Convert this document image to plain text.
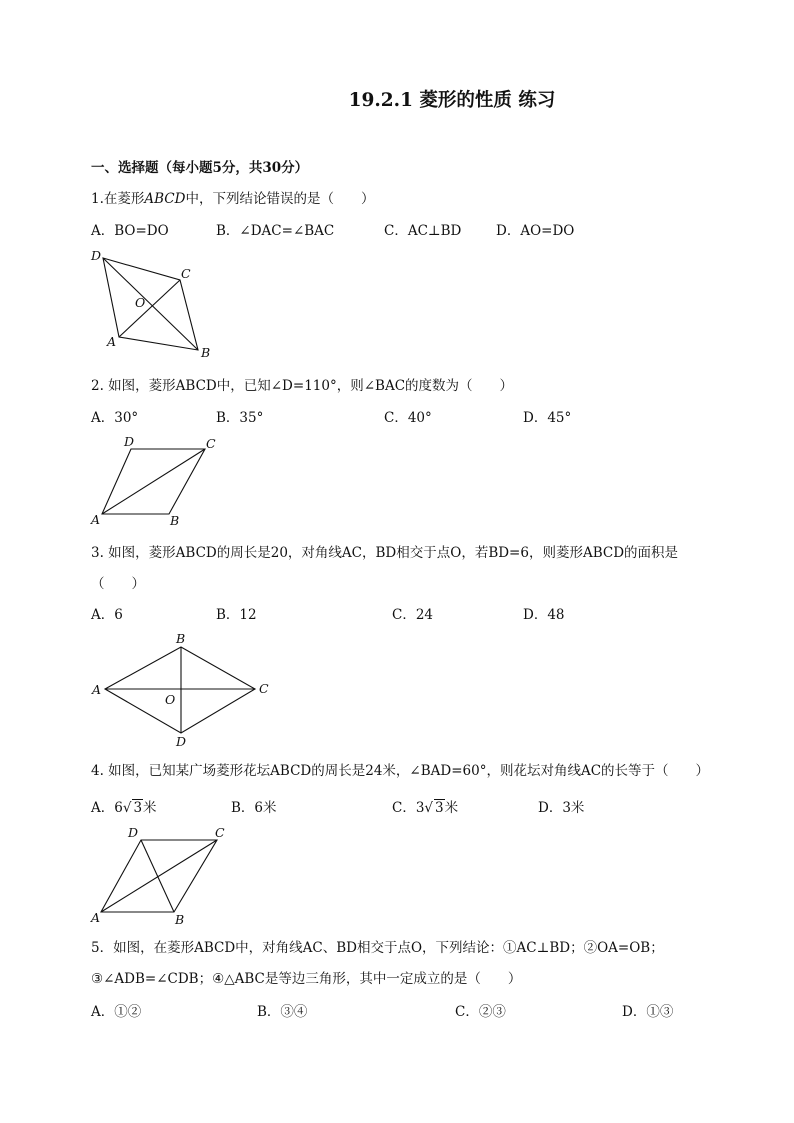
19.2.1 菱形的性质 练习
一、选择题（每小题5分，共30分）
1.在菱形ABCD中，下列结论错误的是（　　）
A．BO=DO	B．∠DAC=∠BAC	C．AC⊥BD	D．AO=DO
D
C
O
A
B
2. 如图，菱形ABCD中，已知∠D=110°，则∠BAC的度数为（　　）
A．30°	B．35°	C．40°	D．45°
D	C
A	B
3. 如图，菱形ABCD的周长是20，对角线AC，BD相交于点O，若BD=6，则菱形ABCD的面积是
（　　）
A．6	B．12	C．24	D．48
B
A	C
O
D
4. 如图，已知某广场菱形花坛ABCD的周长是24米，∠BAD=60°，则花坛对角线AC的长等于（　　）
A．6√ 3米	B．6米	C．3√ 3米	D．3米
D	C
A	B
5．如图，在菱形ABCD中，对角线AC、BD相交于点O，下列结论：①AC⊥BD；②OA=OB；
③∠ADB=∠CDB；④△ABC是等边三角形，其中一定成立的是（　　）
A．①②	B．③④	C．②③	D．①③
